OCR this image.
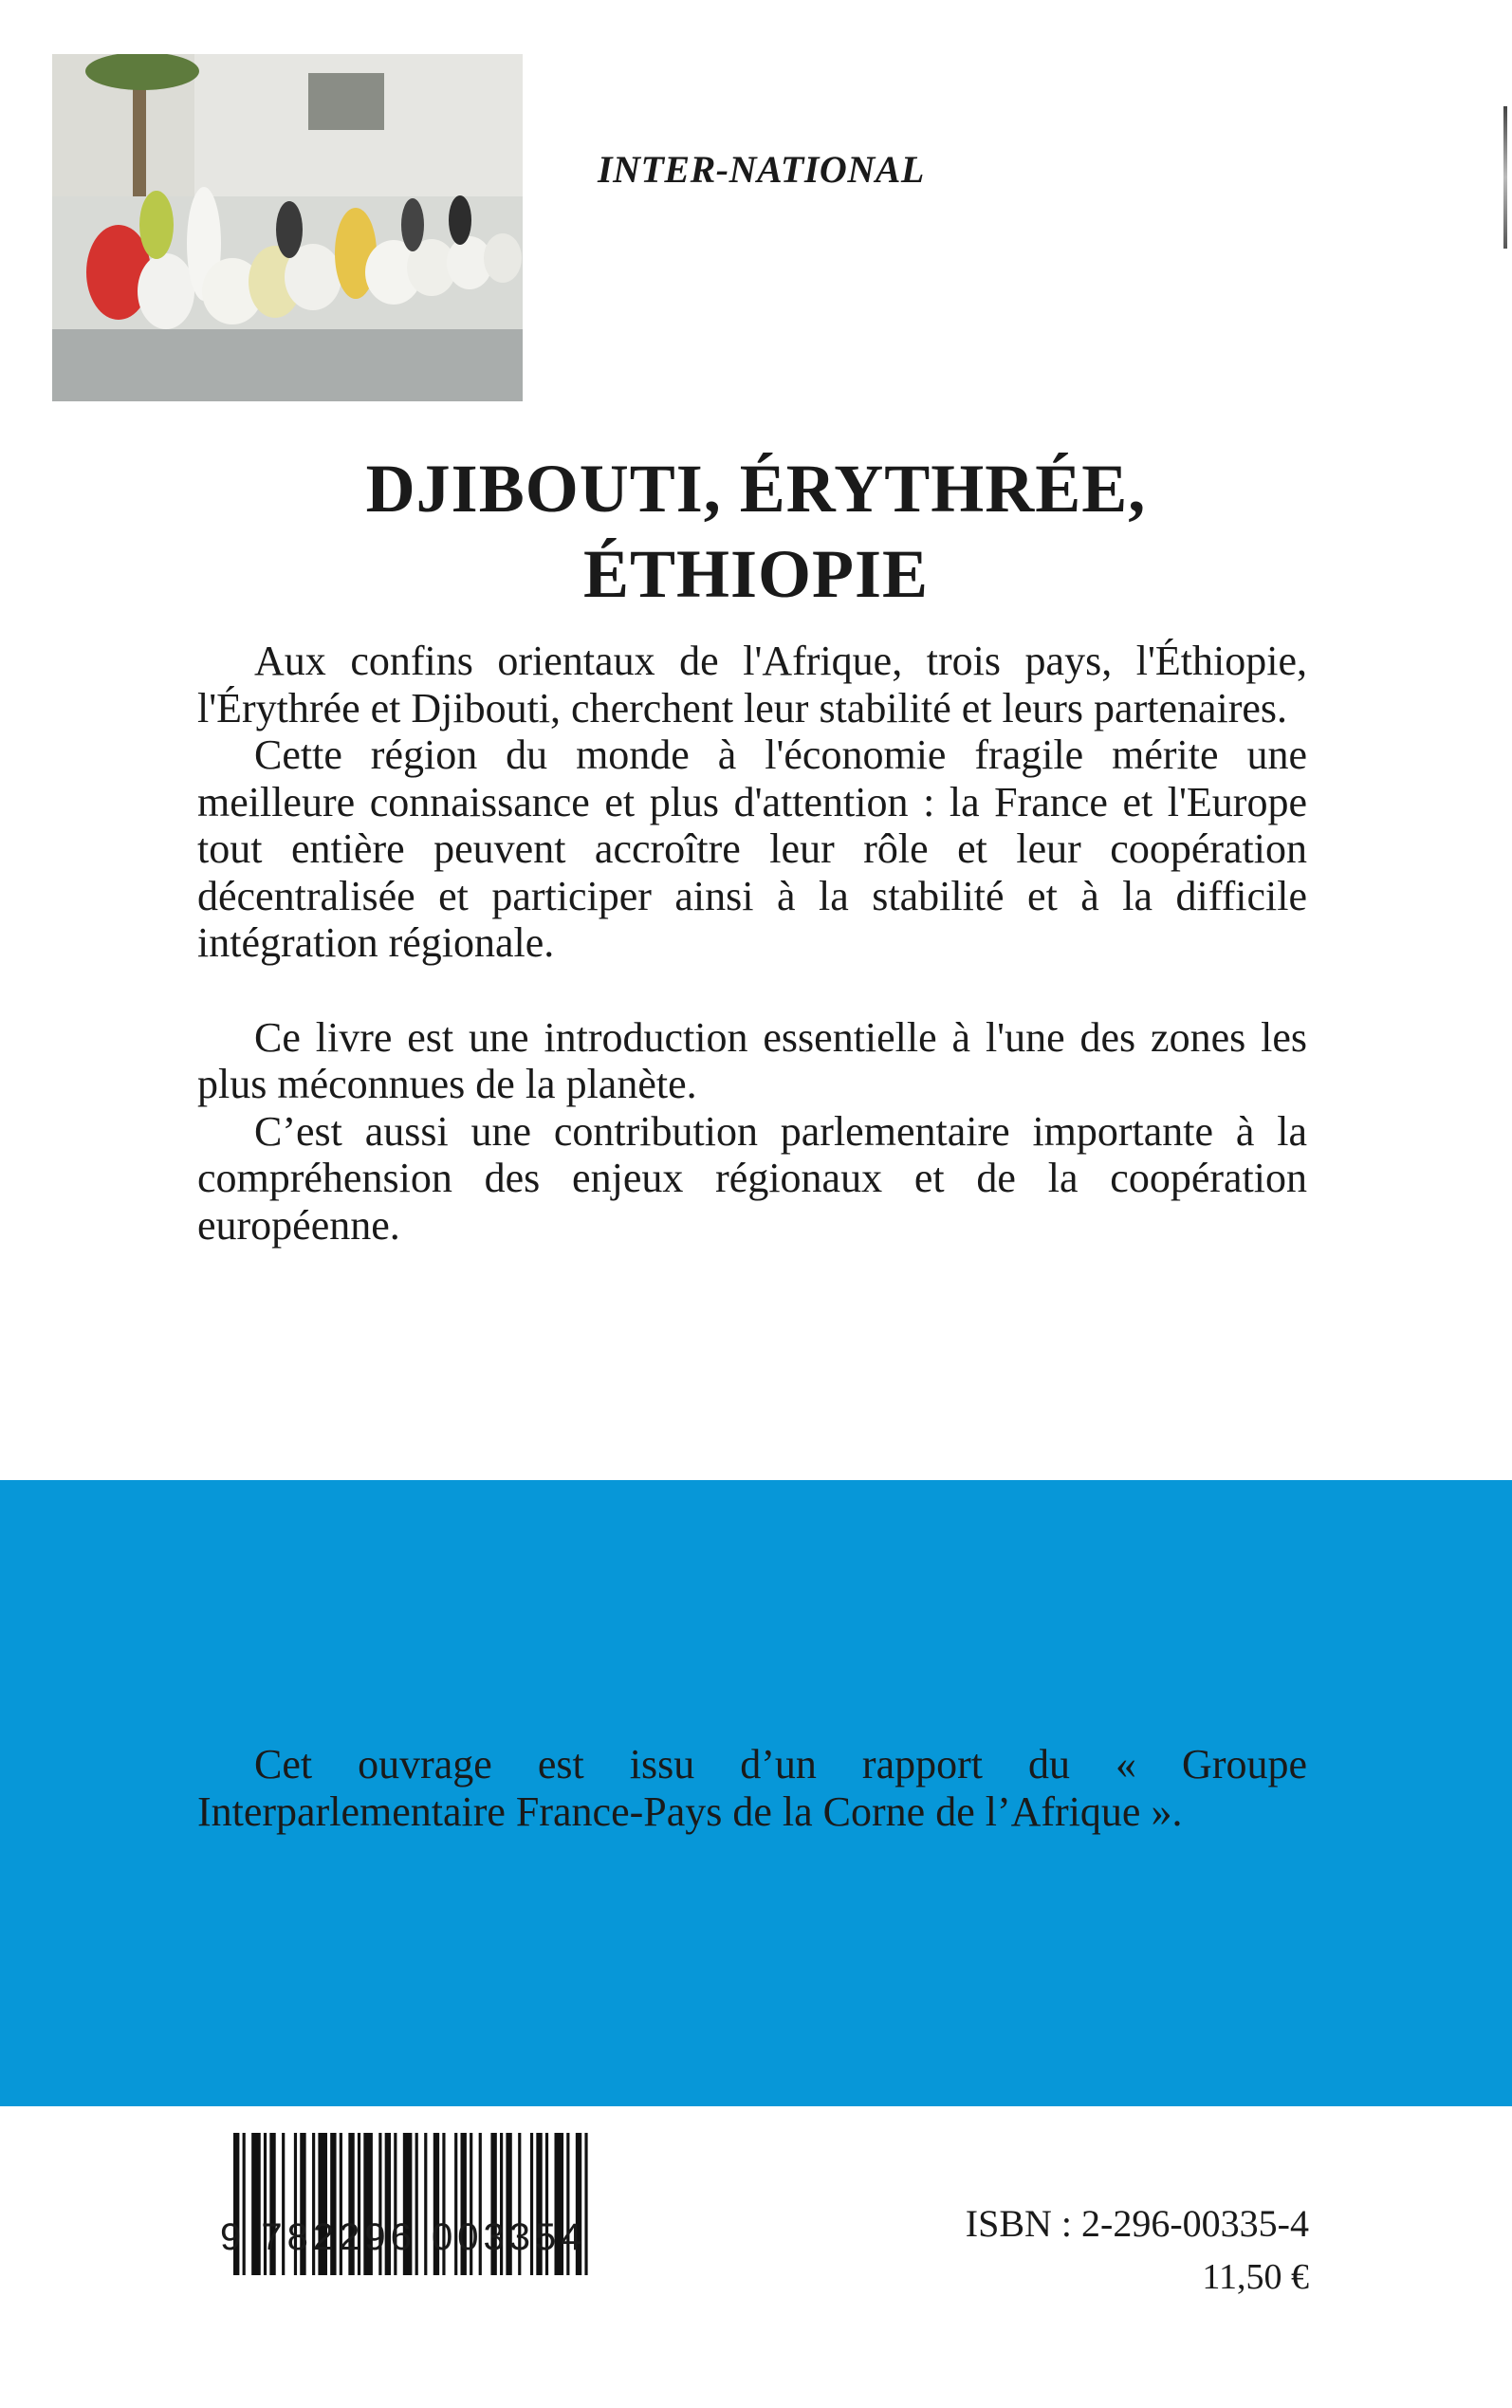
INTER-NATIONAL
DJIBOUTI, ÉRYTHRÉE,
ÉTHIOPIE

Aux confins orientaux de l'Afrique, trois pays, l'Éthiopie, l'Érythrée et Djibouti, cherchent leur stabilité et leurs partenaires.

Cette région du monde à l'économie fragile mérite une meilleure connaissance et plus d'attention : la France et l'Europe tout entière peuvent accroître leur rôle et leur coopération décentralisée et participer ainsi à la stabilité et à la difficile intégration régionale.

Ce livre est une introduction essentielle à l'une des zones les plus méconnues de la planète.

C’est aussi une contribution parlementaire importante à la compréhension des enjeux régionaux et de la coopération européenne.

Cet ouvrage est issu d’un rapport du « Groupe Interparlementaire France-Pays de la Corne de l’Afrique ».

9 782296 003354	ISBN : 2-296-00335-4
11,50 €
